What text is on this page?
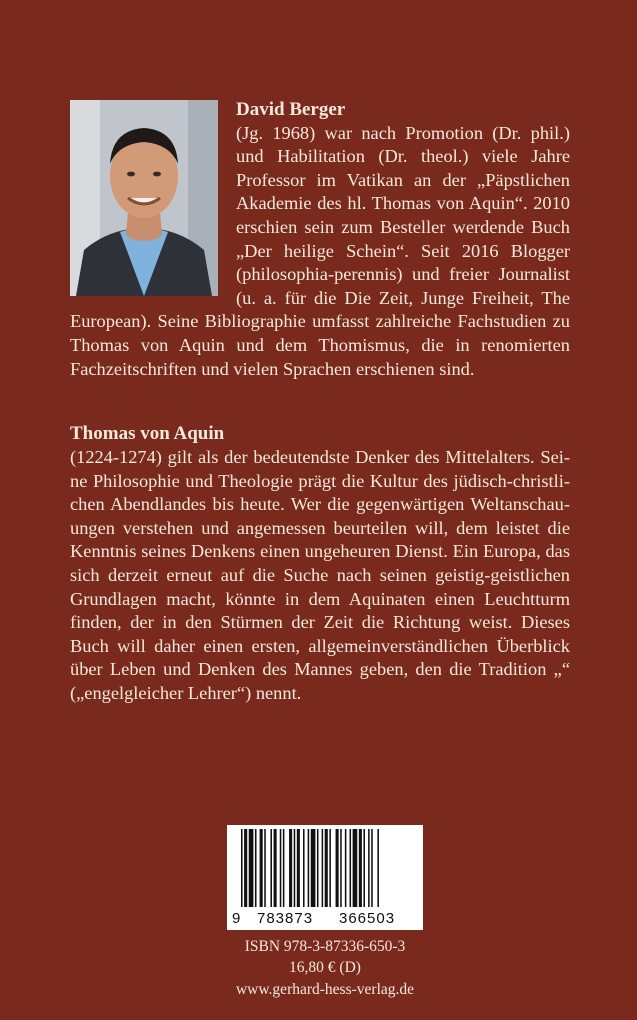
David Berger
(Jg. 1968) war nach Promotion (Dr. phil.) und Habilitation (Dr. theol.) viele Jahre Professor im Vatikan an der „Päpstlichen Akademie des hl. Thomas von Aquin“. 2010 erschien sein zum Besteller werdende Buch „Der heilige Schein“. Seit 2016 Blogger (philosophia-perennis) und freier Journalist (u. a. für die Die Zeit, Junge Freiheit, The European). Seine Bibliographie umfasst zahlreiche Fachstudien zu Thomas von Aquin und dem Thomismus, die in renomierten Fachzeitschriften und vielen Sprachen erschienen sind.

Thomas von Aquin

(1224-1274) gilt als der bedeutendste Denker des Mittelalters. Seine Philosophie und Theologie prägt die Kultur des jüdisch-christlichen Abendlandes bis heute. Wer die gegenwärtigen Weltanschauungen verstehen und angemessen beurteilen will, dem leistet die Kenntnis seines Denkens einen ungeheuren Dienst. Ein Europa, das sich derzeit erneut auf die Suche nach seinen geistig-geistlichen Grundlagen macht, könnte in dem Aquinaten einen Leuchtturm finden, der in den Stürmen der Zeit die Richtung weist. Dieses Buch will daher einen ersten, allgemeinverständlichen Überblick über Leben und Denken des Mannes geben, den die Tradition „“ („engelgleicher Lehrer“) nennt.

9 783873 366503
ISBN 978-3-87336-650-3
16,80 € (D)
www.gerhard-hess-verlag.de
